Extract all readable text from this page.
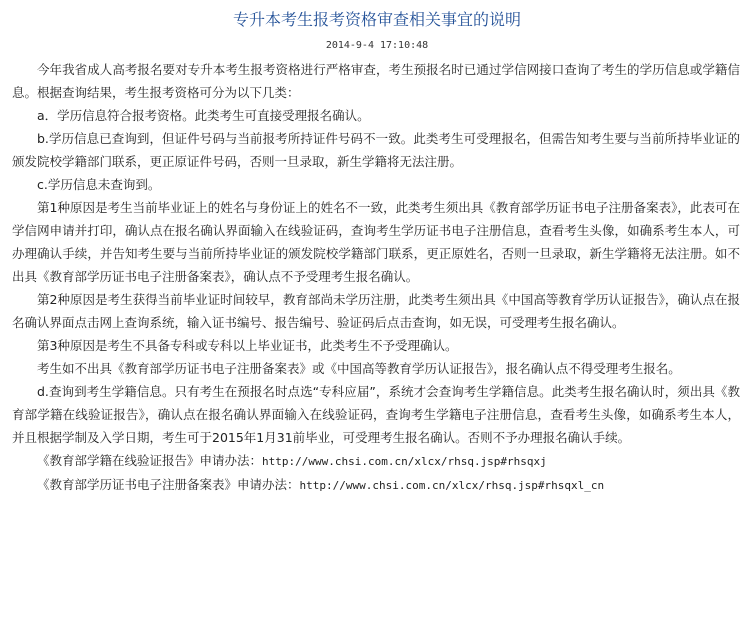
专升本考生报考资格审查相关事宜的说明
2014-9-4 17:10:48

今年我省成人高考报名要对专升本考生报考资格进行严格审查，考生预报名时已通过学信网接口查询了考生的学历信息或学籍信息。根据查询结果，考生报考资格可分为以下几类：

a．学历信息符合报考资格。此类考生可直接受理报名确认。

b.学历信息已查询到，但证件号码与当前报考所持证件号码不一致。此类考生可受理报名，但需告知考生要与当前所持毕业证的颁发院校学籍部门联系，更正原证件号码，否则一旦录取，新生学籍将无法注册。

c.学历信息未查询到。

第1种原因是考生当前毕业证上的姓名与身份证上的姓名不一致，此类考生须出具《教育部学历证书电子注册备案表》，此表可在学信网申请并打印，确认点在报名确认界面输入在线验证码，查询考生学历证书电子注册信息，查看考生头像，如确系考生本人，可办理确认手续，并告知考生要与当前所持毕业证的颁发院校学籍部门联系，更正原姓名，否则一旦录取，新生学籍将无法注册。如不出具《教育部学历证书电子注册备案表》，确认点不予受理考生报名确认。

第2种原因是考生获得当前毕业证时间较早，教育部尚未学历注册，此类考生须出具《中国高等教育学历认证报告》，确认点在报名确认界面点击网上查询系统，输入证书编号、报告编号、验证码后点击查询，如无误，可受理考生报名确认。

第3种原因是考生不具备专科或专科以上毕业证书，此类考生不予受理确认。

考生如不出具《教育部学历证书电子注册备案表》或《中国高等教育学历认证报告》，报名确认点不得受理考生报名。

d.查询到考生学籍信息。只有考生在预报名时点选“专科应届”，系统才会查询考生学籍信息。此类考生报名确认时，须出具《教育部学籍在线验证报告》，确认点在报名确认界面输入在线验证码，查询考生学籍电子注册信息，查看考生头像，如确系考生本人，并且根据学制及入学日期，考生可于2015年1月31前毕业，可受理考生报名确认。否则不予办理报名确认手续。

《教育部学籍在线验证报告》申请办法：http://www.chsi.com.cn/xlcx/rhsq.jsp#rhsqxj

《教育部学历证书电子注册备案表》申请办法：http://www.chsi.com.cn/xlcx/rhsq.jsp#rhsqxl_cn
